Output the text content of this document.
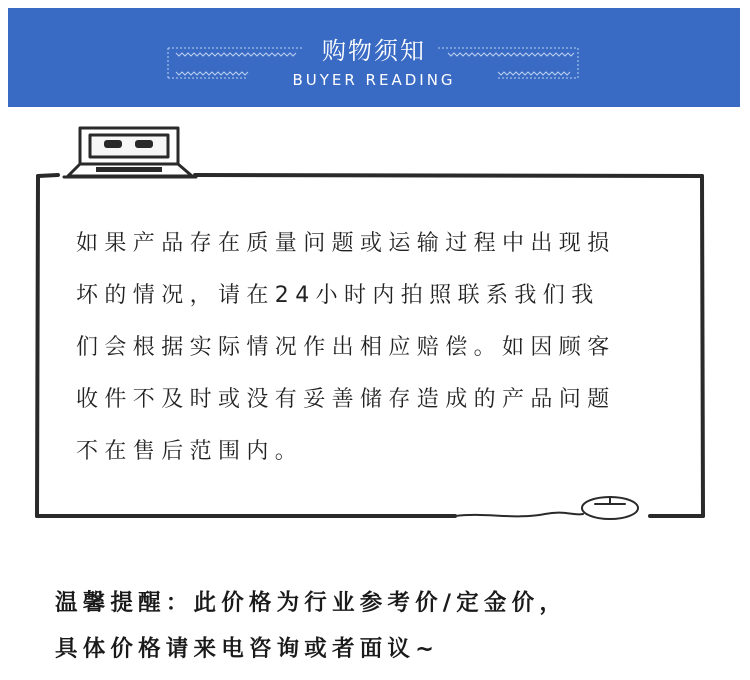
购物须知
BUYER READING
如果产品存在质量问题或运输过程中出现损
坏的情况，请在24小时内拍照联系我们我
们会根据实际情况作出相应赔偿。如因顾客
收件不及时或没有妥善储存造成的产品问题
不在售后范围内。
温馨提醒：此价格为行业参考价/定金价，
具体价格请来电咨询或者面议~
